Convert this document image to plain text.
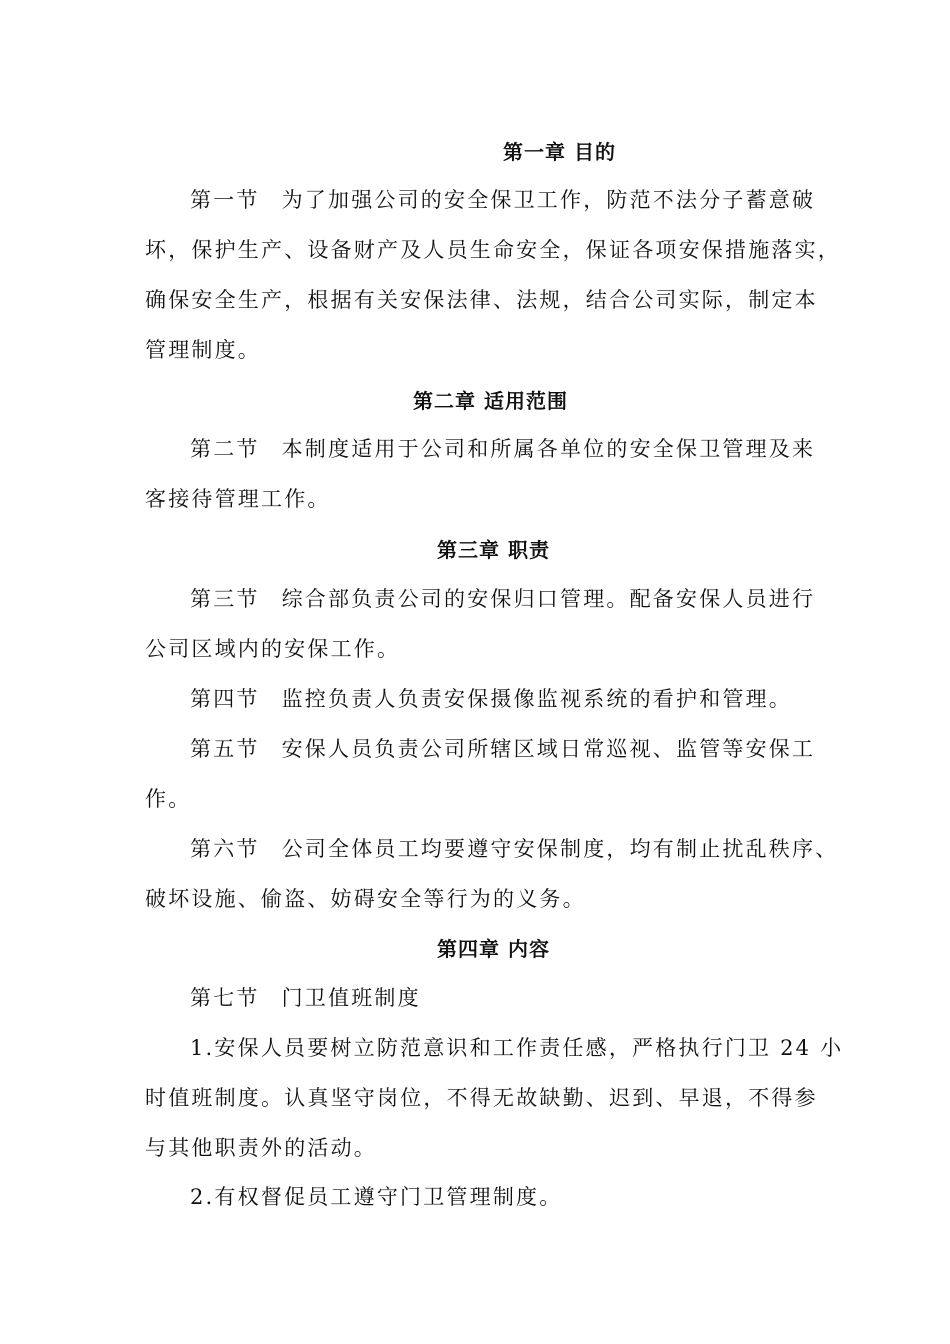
第一章 目的
第一节 为了加强公司的安全保卫工作，防范不法分子蓄意破
坏，保护生产、设备财产及人员生命安全，保证各项安保措施落实，
确保安全生产，根据有关安保法律、法规，结合公司实际，制定本
管理制度。
第二章 适用范围
第二节 本制度适用于公司和所属各单位的安全保卫管理及来
客接待管理工作。
第三章 职责
第三节 综合部负责公司的安保归口管理。配备安保人员进行
公司区域内的安保工作。
第四节 监控负责人负责安保摄像监视系统的看护和管理。
第五节 安保人员负责公司所辖区域日常巡视、监管等安保工
作。
第六节 公司全体员工均要遵守安保制度，均有制止扰乱秩序、
破坏设施、偷盗、妨碍安全等行为的义务。
第四章 内容
第七节 门卫值班制度
1.安保人员要树立防范意识和工作责任感，严格执行门卫 24 小
时值班制度。认真坚守岗位，不得无故缺勤、迟到、早退，不得参
与其他职责外的活动。
2.有权督促员工遵守门卫管理制度。
